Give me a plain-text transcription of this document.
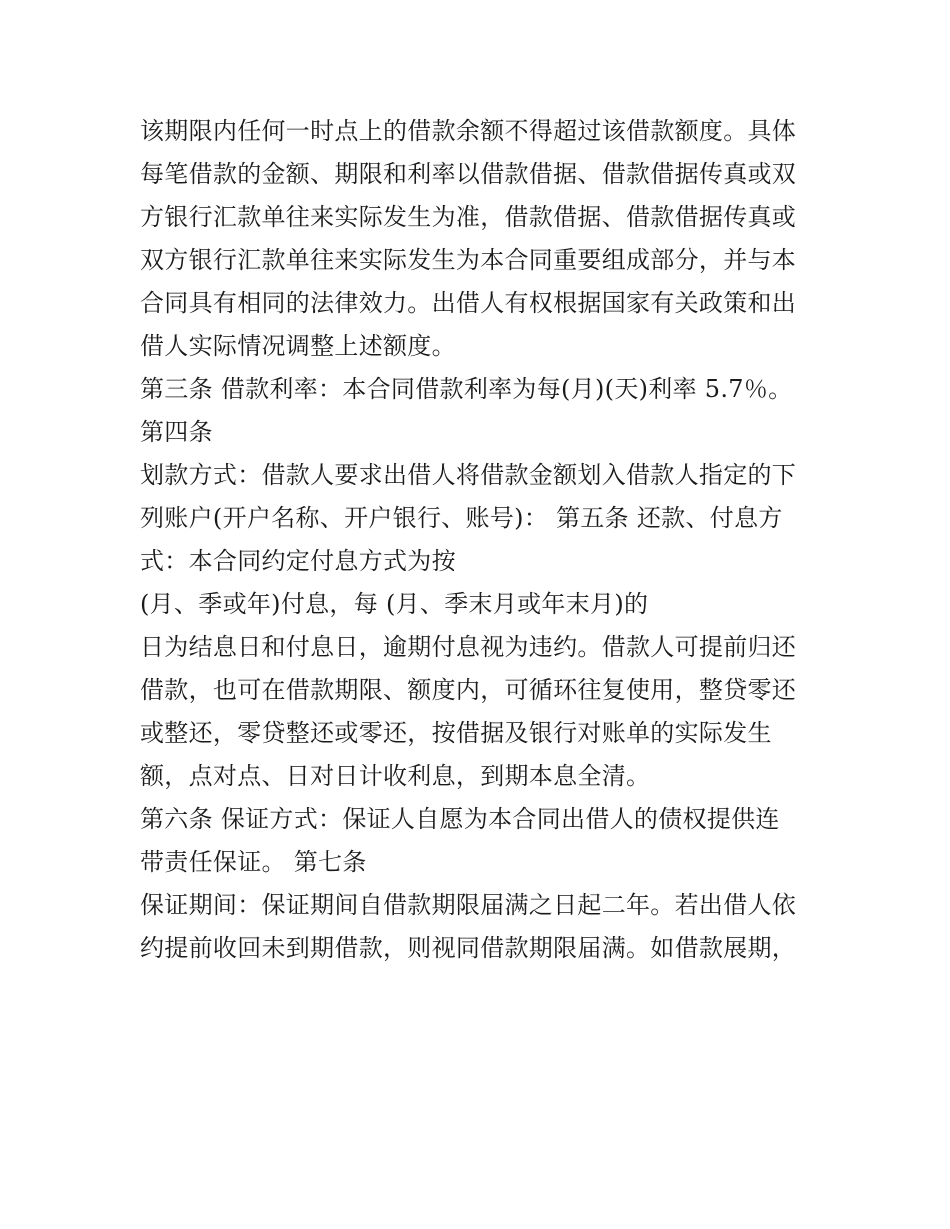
该期限内任何一时点上的借款余额不得超过该借款额度。具体
每笔借款的金额、期限和利率以借款借据、借款借据传真或双
方银行汇款单往来实际发生为准，借款借据、借款借据传真或
双方银行汇款单往来实际发生为本合同重要组成部分，并与本
合同具有相同的法律效力。出借人有权根据国家有关政策和出
借人实际情况调整上述额度。
第三条 借款利率：本合同借款利率为每(月)(天)利率 5.7％。
第四条
划款方式：借款人要求出借人将借款金额划入借款人指定的下
列账户(开户名称、开户银行、账号)： 第五条 还款、付息方
式：本合同约定付息方式为按
(月、季或年)付息，每 (月、季末月或年末月)的
日为结息日和付息日，逾期付息视为违约。借款人可提前归还
借款，也可在借款期限、额度内，可循环往复使用，整贷零还
或整还，零贷整还或零还，按借据及银行对账单的实际发生
额，点对点、日对日计收利息，到期本息全清。
第六条 保证方式：保证人自愿为本合同出借人的债权提供连
带责任保证。 第七条
保证期间：保证期间自借款期限届满之日起二年。若出借人依
约提前收回未到期借款，则视同借款期限届满。如借款展期，
